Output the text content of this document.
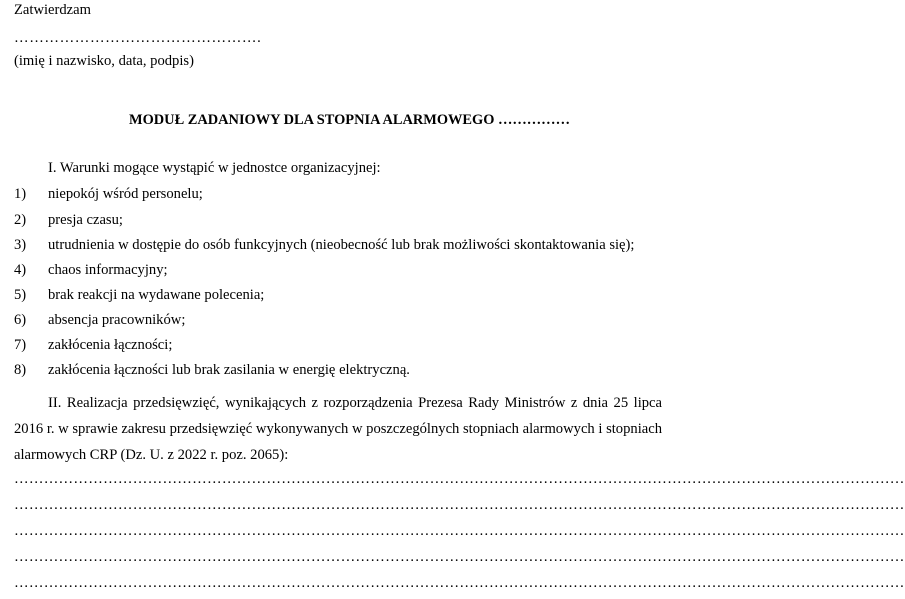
Zatwierdzam
………………………………………….
(imię i nazwisko, data, podpis)
MODUŁ ZADANIOWY DLA STOPNIA ALARMOWEGO ……………
I. Warunki mogące wystąpić w jednostce organizacyjnej:
1) niepokój wśród personelu;
2) presja czasu;
3) utrudnienia w dostępie do osób funkcyjnych (nieobecność lub brak możliwości skontaktowania się);
4) chaos informacyjny;
5) brak reakcji na wydawane polecenia;
6) absencja pracowników;
7) zakłócenia łączności;
8) zakłócenia łączności lub brak zasilania w energię elektryczną.
II. Realizacja przedsięwzięć, wynikających z rozporządzenia Prezesa Rady Ministrów z dnia 25 lipca 2016 r. w sprawie zakresu przedsięwzięć wykonywanych w poszczególnych stopniach alarmowych i stopniach alarmowych CRP (Dz. U. z 2022 r. poz. 2065):
………………………………………………………………………………………………………………………………………………………………
………………………………………………………………………………………………………………………………………………………………
………………………………………………………………………………………………………………………………………………………………
………………………………………………………………………………………………………………………………………………………………
………………………………………………………………………………………………………………………………………………………………
